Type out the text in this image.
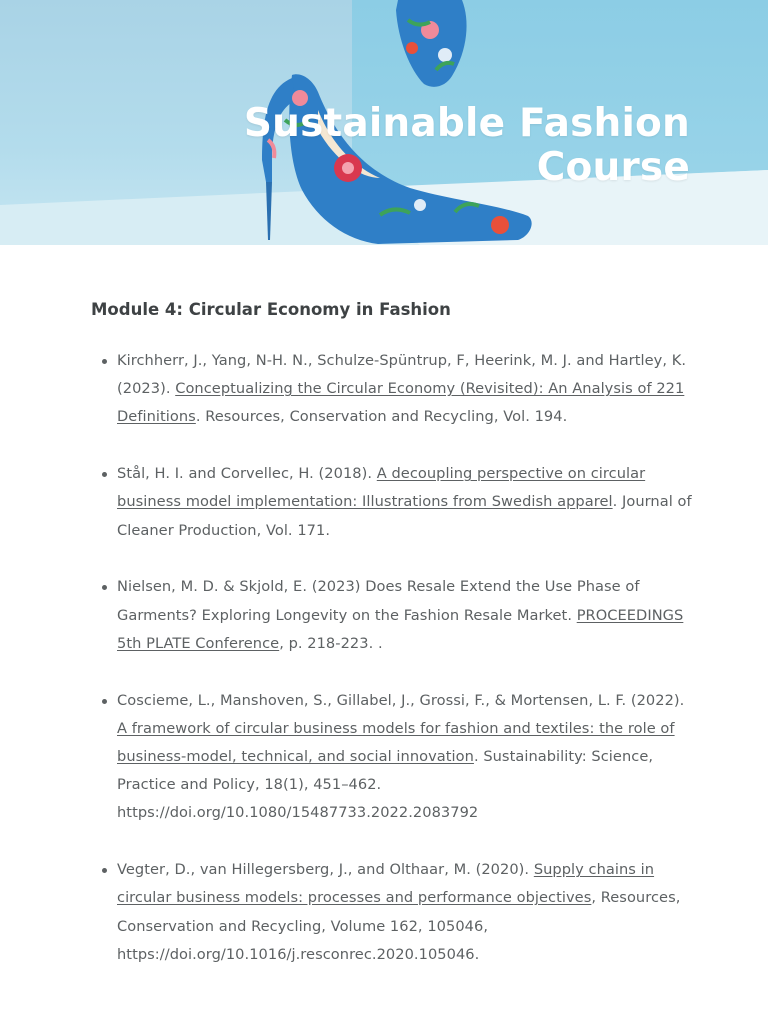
Sustainable Fashion
Course
Module 4: Circular Economy in Fashion
Kirchherr, J., Yang, N-H. N., Schulze-Spüntrup, F, Heerink, M. J. and Hartley, K. (2023). Conceptualizing the Circular Economy (Revisited): An Analysis of 221 Definitions. Resources, Conservation and Recycling, Vol. 194.
Stål, H. I. and Corvellec, H. (2018). A decoupling perspective on circular business model implementation: Illustrations from Swedish apparel. Journal of Cleaner Production, Vol. 171.
Nielsen, M. D. & Skjold, E. (2023) Does Resale Extend the Use Phase of Garments? Exploring Longevity on the Fashion Resale Market. PROCEEDINGS 5th PLATE Conference, p. 218-223. .
Coscieme, L., Manshoven, S., Gillabel, J., Grossi, F., & Mortensen, L. F. (2022). A framework of circular business models for fashion and textiles: the role of business-model, technical, and social innovation. Sustainability: Science, Practice and Policy, 18(1), 451–462. https://doi.org/10.1080/15487733.2022.2083792
Vegter, D., van Hillegersberg, J., and Olthaar, M. (2020). Supply chains in circular business models: processes and performance objectives, Resources, Conservation and Recycling, Volume 162, 105046, https://doi.org/10.1016/j.resconrec.2020.105046.
